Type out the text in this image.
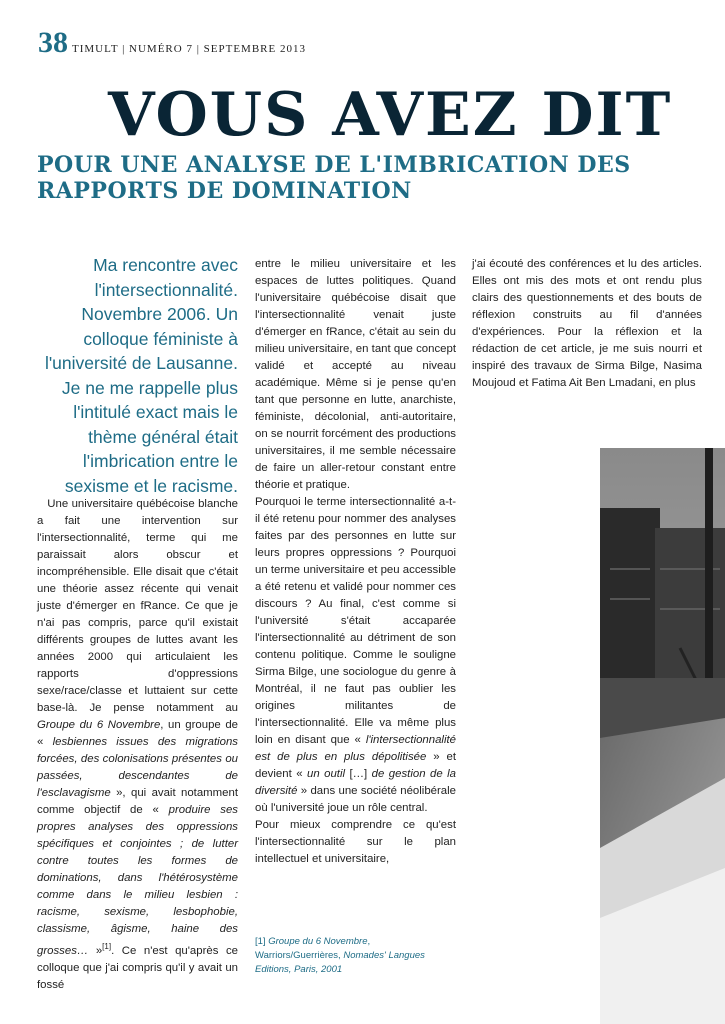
38 TIMULT | NUMÉRO 7 | SEPTEMBRE 2013
VOUS AVEZ DIT
POUR UNE ANALYSE DE L'IMBRICATION DES RAPPORTS DE DOMINATION

Ma rencontre avec l'intersectionnalité. Novembre 2006. Un colloque féministe à l'université de Lausanne. Je ne me rappelle plus l'intitulé exact mais le thème général était l'imbrication entre le sexisme et le racisme.

Une universitaire québécoise blanche a fait une intervention sur l'intersectionnalité, terme qui me paraissait alors obscur et incompréhensible. Elle disait que c'était une théorie assez récente qui venait juste d'émerger en fRance. Ce que je n'ai pas compris, parce qu'il existait différents groupes de luttes avant les années 2000 qui articulaient les rapports d'oppressions sexe/race/classe et luttaient sur cette base-là. Je pense notamment au Groupe du 6 Novembre, un groupe de « lesbiennes issues des migrations forcées, des colonisations présentes ou passées, descendantes de l'esclavagisme », qui avait notamment comme objectif de « produire ses propres analyses des oppressions spécifiques et conjointes ; de lutter contre toutes les formes de dominations, dans l'hétérosystème comme dans le milieu lesbien : racisme, sexisme, lesbophobie, classisme, âgisme, haine des grosses… »[1]. Ce n'est qu'après ce colloque que j'ai compris qu'il y avait un fossé

entre le milieu universitaire et les espaces de luttes politiques. Quand l'universitaire québécoise disait que l'intersectionnalité venait juste d'émerger en fRance, c'était au sein du milieu universitaire, en tant que concept validé et accepté au niveau académique. Même si je pense qu'en tant que personne en lutte, anarchiste, féministe, décolonial, anti-autoritaire, on se nourrit forcément des productions universitaires, il me semble nécessaire de faire un aller-retour constant entre théorie et pratique.

Pourquoi le terme intersectionnalité a-t-il été retenu pour nommer des analyses faites par des personnes en lutte sur leurs propres oppressions ? Pourquoi un terme universitaire et peu accessible a été retenu et validé pour nommer ces discours ? Au final, c'est comme si l'université s'était accaparée l'intersectionnalité au détriment de son contenu politique. Comme le souligne Sirma Bilge, une sociologue du genre à Montréal, il ne faut pas oublier les origines militantes de l'intersectionnalité. Elle va même plus loin en disant que « l'intersectionnalité est de plus en plus dépolitisée » et devient « un outil […] de gestion de la diversité » dans une société néolibérale où l'université joue un rôle central.

Pour mieux comprendre ce qu'est l'intersectionnalité sur le plan intellectuel et universitaire,

[1] Groupe du 6 Novembre, Warriors/Guerrières, Nomades' Langues Editions, Paris, 2001

j'ai écouté des conférences et lu des articles. Elles ont mis des mots et ont rendu plus clairs des questionnements et des bouts de réflexion construits au fil d'années d'expériences. Pour la réflexion et la rédaction de cet article, je me suis nourri et inspiré des travaux de Sirma Bilge, Nasima Moujoud et Fatima Ait Ben Lmadani, en plus
